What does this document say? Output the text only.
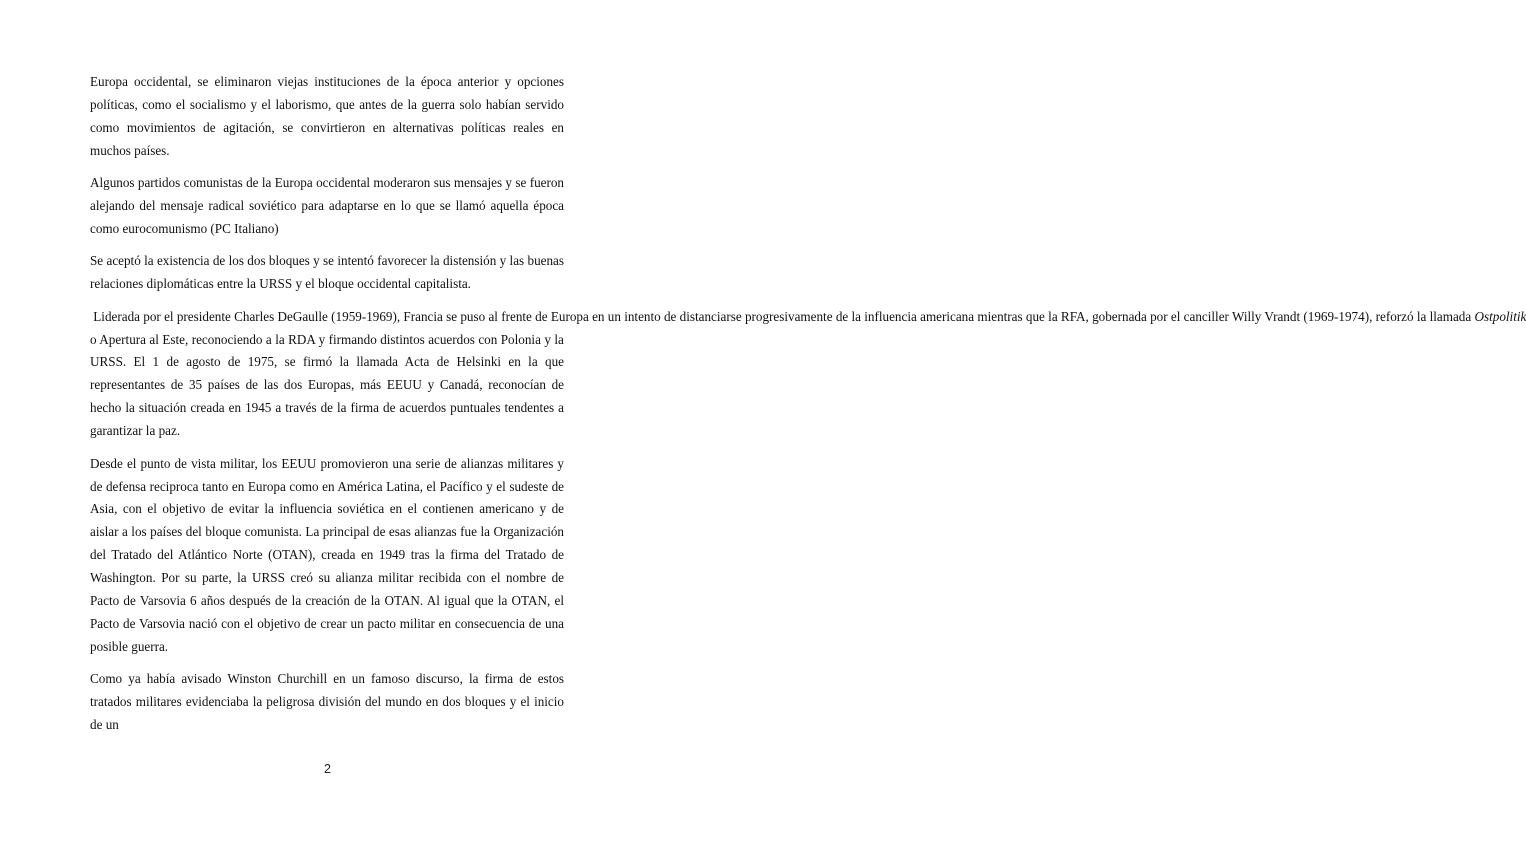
Europa occidental, se eliminaron viejas instituciones de la época anterior y opciones políticas, como el socialismo y el laborismo, que antes de la guerra solo habían servido como movimientos de agitación, se convirtieron en alternativas políticas reales en muchos países.

Algunos partidos comunistas de la Europa occidental moderaron sus mensajes y se fueron alejando del mensaje radical soviético para adaptarse en lo que se llamó aquella época como eurocomunismo (PC Italiano)

Se aceptó la existencia de los dos bloques y se intentó favorecer la distensión y las buenas relaciones diplomáticas entre la URSS y el bloque occidental capitalista.

Liderada por el presidente Charles DeGaulle (1959-1969), Francia se puso al frente de Europa en un intento de distanciarse progresivamente de la influencia americana mientras que la RFA, gobernada por el canciller Willy Vrandt (1969-1974), reforzó la llamada Ostpolitik o Apertura al Este, reconociendo a la RDA y firmando distintos acuerdos con Polonia y la URSS. El 1 de agosto de 1975, se firmó la llamada Acta de Helsinki en la que representantes de 35 países de las dos Europas, más EEUU y Canadá, reconocían de hecho la situación creada en 1945 a través de la firma de acuerdos puntuales tendentes a garantizar la paz.

Desde el punto de vista militar, los EEUU promovieron una serie de alianzas militares y de defensa reciproca tanto en Europa como en América Latina, el Pacífico y el sudeste de Asia, con el objetivo de evitar la influencia soviética en el contienen americano y de aislar a los países del bloque comunista. La principal de esas alianzas fue la Organización del Tratado del Atlántico Norte (OTAN), creada en 1949 tras la firma del Tratado de Washington. Por su parte, la URSS creó su alianza militar recibida con el nombre de Pacto de Varsovia 6 años después de la creación de la OTAN. Al igual que la OTAN, el Pacto de Varsovia nació con el objetivo de crear un pacto militar en consecuencia de una posible guerra.

Como ya había avisado Winston Churchill en un famoso discurso, la firma de estos tratados militares evidenciaba la peligrosa división del mundo en dos bloques y el inicio de un

2
